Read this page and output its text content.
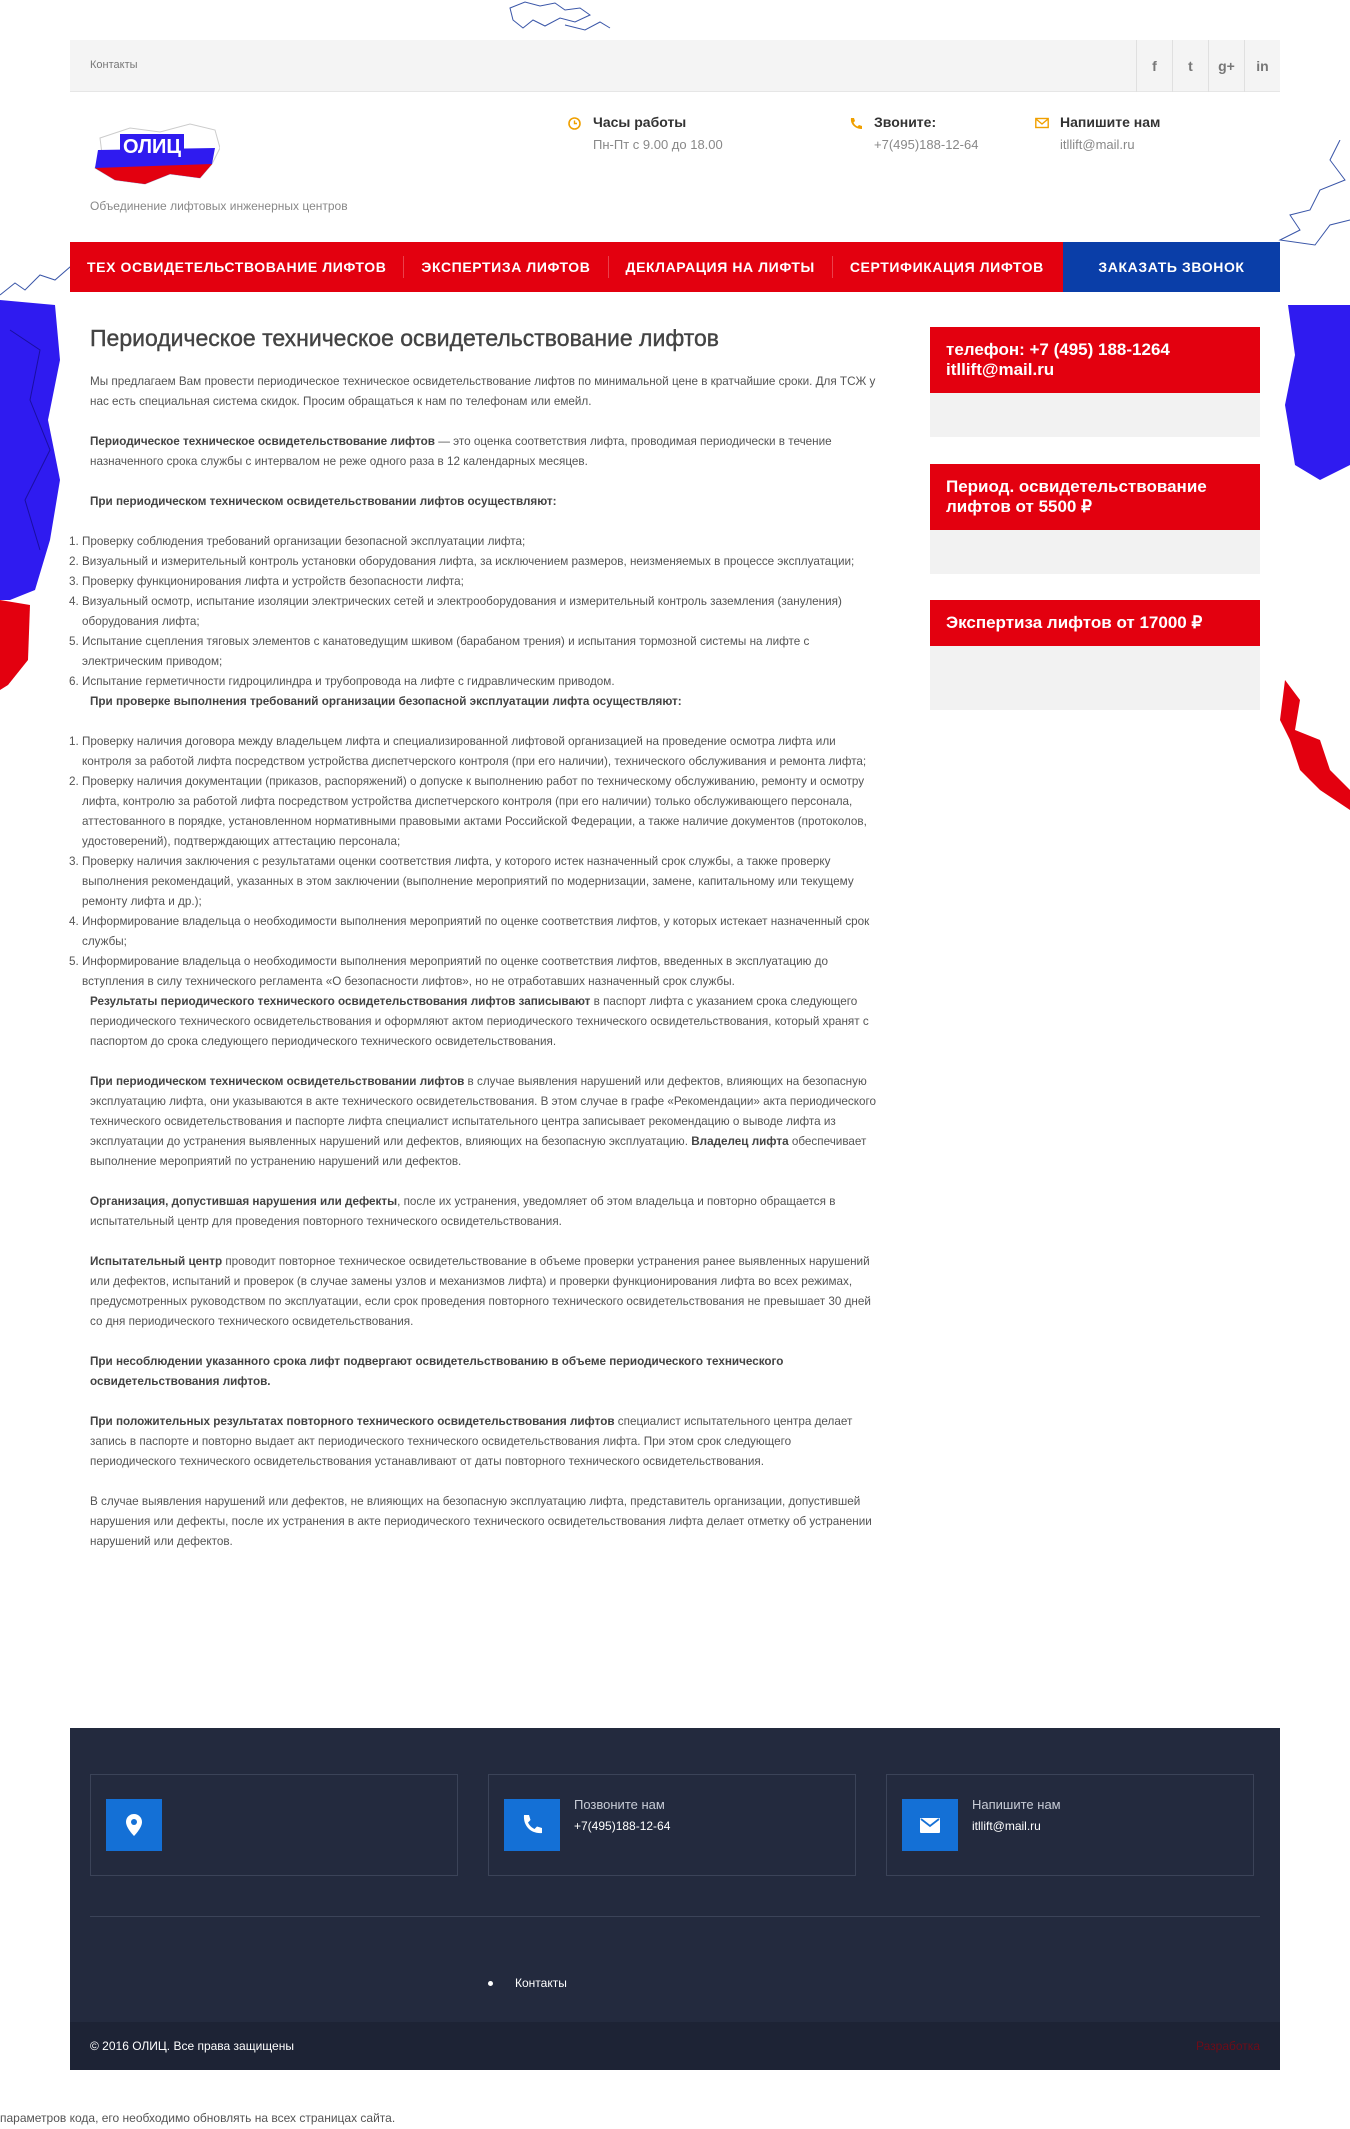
Контакты	f	t	g+	in
ОЛИЦ
Объединение лифтовых инженерных центров
Часы работы
Пн-Пт с 9.00 до 18.00
Звоните:
+7(495)188-12-64
Напишите нам
itllift@mail.ru
ТЕХ ОСВИДЕТЕЛЬСТВОВАНИЕ ЛИФТОВ	ЭКСПЕРТИЗА ЛИФТОВ	ДЕКЛАРАЦИЯ НА ЛИФТЫ	СЕРТИФИКАЦИЯ ЛИФТОВ	ЗАКАЗАТЬ ЗВОНОК
Периодическое техническое освидетельствование лифтов

Мы предлагаем Вам провести периодическое техническое освидетельствование лифтов по минимальной цене в кратчайшие сроки. Для ТСЖ у нас есть специальная система скидок. Просим обращаться к нам по телефонам или емейл.

Периодическое техническое освидетельствование лифтов — это оценка соответствия лифта, проводимая периодически в течение назначенного срока службы с интервалом не реже одного раза в 12 календарных месяцев.

При периодическом техническом освидетельствовании лифтов осуществляют:

1. Проверку соблюдения требований организации безопасной эксплуатации лифта;
2. Визуальный и измерительный контроль установки оборудования лифта, за исключением размеров, неизменяемых в процессе эксплуатации;
3. Проверку функционирования лифта и устройств безопасности лифта;
4. Визуальный осмотр, испытание изоляции электрических сетей и электрооборудования и измерительный контроль заземления (зануления) оборудования лифта;
5. Испытание сцепления тяговых элементов с канатоведущим шкивом (барабаном трения) и испытания тормозной системы на лифте с электрическим приводом;
6. Испытание герметичности гидроцилиндра и трубопровода на лифте с гидравлическим приводом.

При проверке выполнения требований организации безопасной эксплуатации лифта осуществляют:

1. Проверку наличия договора между владельцем лифта и специализированной лифтовой организацией на проведение осмотра лифта или контроля за работой лифта посредством устройства диспетчерского контроля (при его наличии), технического обслуживания и ремонта лифта;
2. Проверку наличия документации (приказов, распоряжений) о допуске к выполнению работ по техническому обслуживанию, ремонту и осмотру лифта, контролю за работой лифта посредством устройства диспетчерского контроля (при его наличии) только обслуживающего персонала, аттестованного в порядке, установленном нормативными правовыми актами Российской Федерации, а также наличие документов (протоколов, удостоверений), подтверждающих аттестацию персонала;
3. Проверку наличия заключения с результатами оценки соответствия лифта, у которого истек назначенный срок службы, а также проверку выполнения рекомендаций, указанных в этом заключении (выполнение мероприятий по модернизации, замене, капитальному или текущему ремонту лифта и др.);
4. Информирование владельца о необходимости выполнения мероприятий по оценке соответствия лифтов, у которых истекает назначенный срок службы;
5. Информирование владельца о необходимости выполнения мероприятий по оценке соответствия лифтов, введенных в эксплуатацию до вступления в силу технического регламента «О безопасности лифтов», но не отработавших назначенный срок службы.

Результаты периодического технического освидетельствования лифтов записывают в паспорт лифта с указанием срока следующего периодического технического освидетельствования и оформляют актом периодического технического освидетельствования, который хранят с паспортом до срока следующего периодического технического освидетельствования.

При периодическом техническом освидетельствовании лифтов в случае выявления нарушений или дефектов, влияющих на безопасную эксплуатацию лифта, они указываются в акте технического освидетельствования. В этом случае в графе «Рекомендации» акта периодического технического освидетельствования и паспорте лифта специалист испытательного центра записывает рекомендацию о выводе лифта из эксплуатации до устранения выявленных нарушений или дефектов, влияющих на безопасную эксплуатацию. Владелец лифта обеспечивает выполнение мероприятий по устранению нарушений или дефектов.

Организация, допустившая нарушения или дефекты, после их устранения, уведомляет об этом владельца и повторно обращается в испытательный центр для проведения повторного технического освидетельствования.

Испытательный центр проводит повторное техническое освидетельствование в объеме проверки устранения ранее выявленных нарушений или дефектов, испытаний и проверок (в случае замены узлов и механизмов лифта) и проверки функционирования лифта во всех режимах, предусмотренных руководством по эксплуатации, если срок проведения повторного технического освидетельствования не превышает 30 дней со дня периодического технического освидетельствования.

При несоблюдении указанного срока лифт подвергают освидетельствованию в объеме периодического технического освидетельствования лифтов.

При положительных результатах повторного технического освидетельствования лифтов специалист испытательного центра делает запись в паспорте и повторно выдает акт периодического технического освидетельствования лифта. При этом срок следующего периодического технического освидетельствования устанавливают от даты повторного технического освидетельствования.

В случае выявления нарушений или дефектов, не влияющих на безопасную эксплуатацию лифта, представитель организации, допустившей нарушения или дефекты, после их устранения в акте периодического технического освидетельствования лифта делает отметку об устранении нарушений или дефектов.

телефон: +7 (495) 188-1264 itllift@mail.ru
Период. освидетельствование лифтов от 5500 ₽
Экспертиза лифтов от 17000 ₽
Позвоните нам
+7(495)188-12-64
Напишите нам
itllift@mail.ru
Контакты
© 2016 ОЛИЦ. Все права защищены	Разработка
параметров кода, его необходимо обновлять на всех страницах сайта.
